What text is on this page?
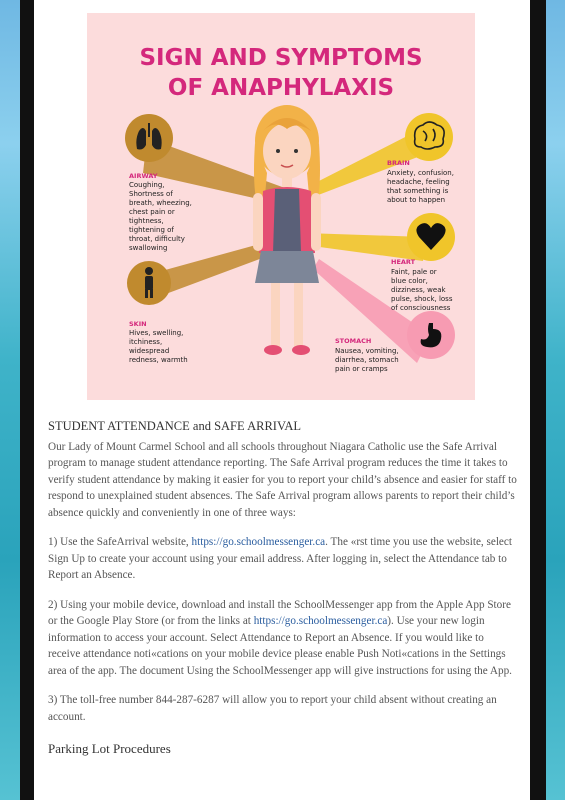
SIGN AND SYMPTOMS
OF ANAPHYLAXIS
AIRWAY
Coughing,
Shortness of
breath, wheezing,
chest pain or
tightness,
tightening of
throat, difficulty
swallowing
SKIN
Hives, swelling,
itchiness,
widespread
redness, warmth
BRAIN
Anxiety, confusion,
headache, feeling
that something is
about to happen
HEART
Faint, pale or
blue color,
dizziness, weak
pulse, shock, loss
of consciousness
STOMACH
Nausea, vomiting,
diarrhea, stomach
pain or cramps
STUDENT ATTENDANCE and SAFE ARRIVAL

Our Lady of Mount Carmel School and all schools throughout Niagara Catholic use the Safe Arrival program to manage student attendance reporting. The Safe Arrival program reduces the time it takes to verify student attendance by making it easier for you to report your child’s absence and easier for staff to respond to unexplained student absences. The Safe Arrival program allows parents to report their child’s absence quickly and conveniently in one of three ways:

1) Use the SafeArrival website, https://go.schoolmessenger.ca. The «rst time you use the website, select Sign Up to create your account using your email address. After logging in, select the Attendance tab to Report an Absence.

2) Using your mobile device, download and install the SchoolMessenger app from the Apple App Store or the Google Play Store (or from the links at https://go.schoolmessenger.ca). Use your new login information to access your account. Select Attendance to Report an Absence. If you would like to receive attendance noti«cations on your mobile device please enable Push Noti«cations in the Settings area of the app. The document Using the SchoolMessenger app will give instructions for using the App.

3) The toll-free number 844-287-6287 will allow you to report your child absent without creating an account.

Parking Lot Procedures
